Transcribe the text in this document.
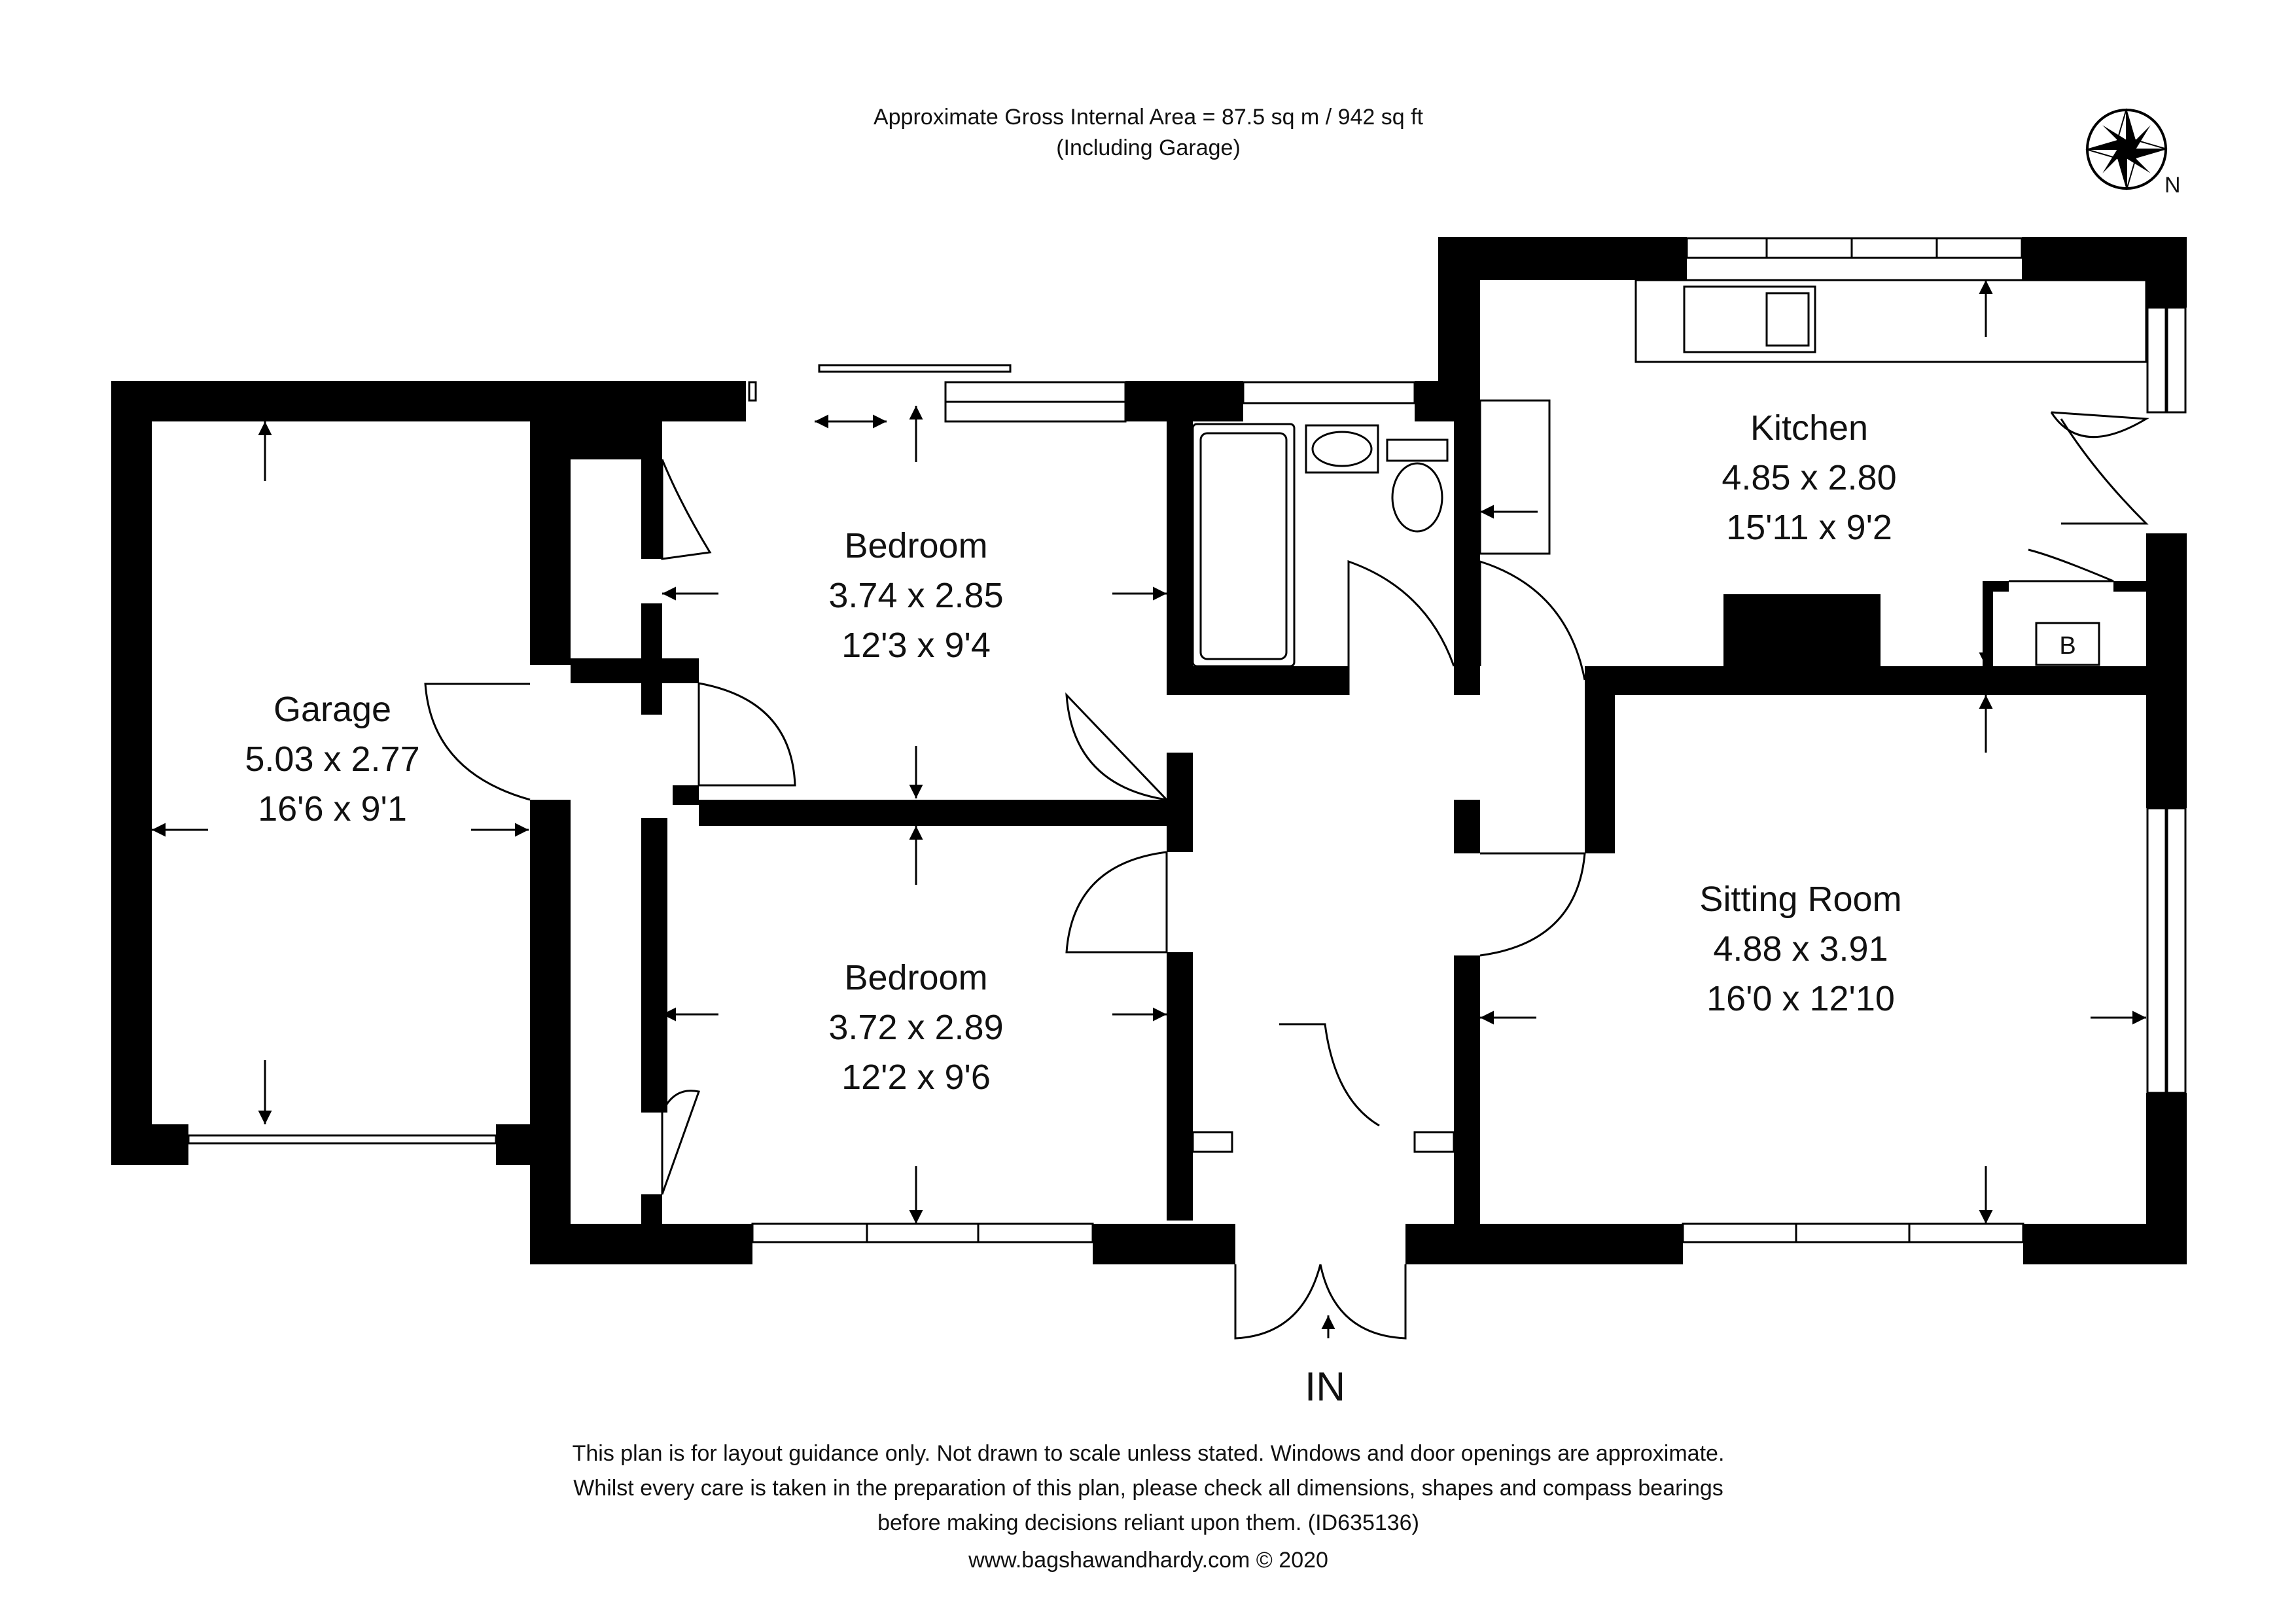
Approximate Gross Internal Area = 87.5 sq m / 942 sq ft
(Including Garage)
N
B
Garage
5.03 x 2.77
16'6 x 9'1
Bedroom
3.74 x 2.85
12'3 x 9'4
Bedroom
3.72 x 2.89
12'2 x 9'6
Kitchen
4.85 x 2.80
15'11 x 9'2
Sitting Room
4.88 x 3.91
16'0 x 12'10
IN
This plan is for layout guidance only. Not drawn to scale unless stated. Windows and door openings are approximate.
Whilst every care is taken in the preparation of this plan, please check all dimensions, shapes and compass bearings
before making decisions reliant upon them. (ID635136)
www.bagshawandhardy.com © 2020
